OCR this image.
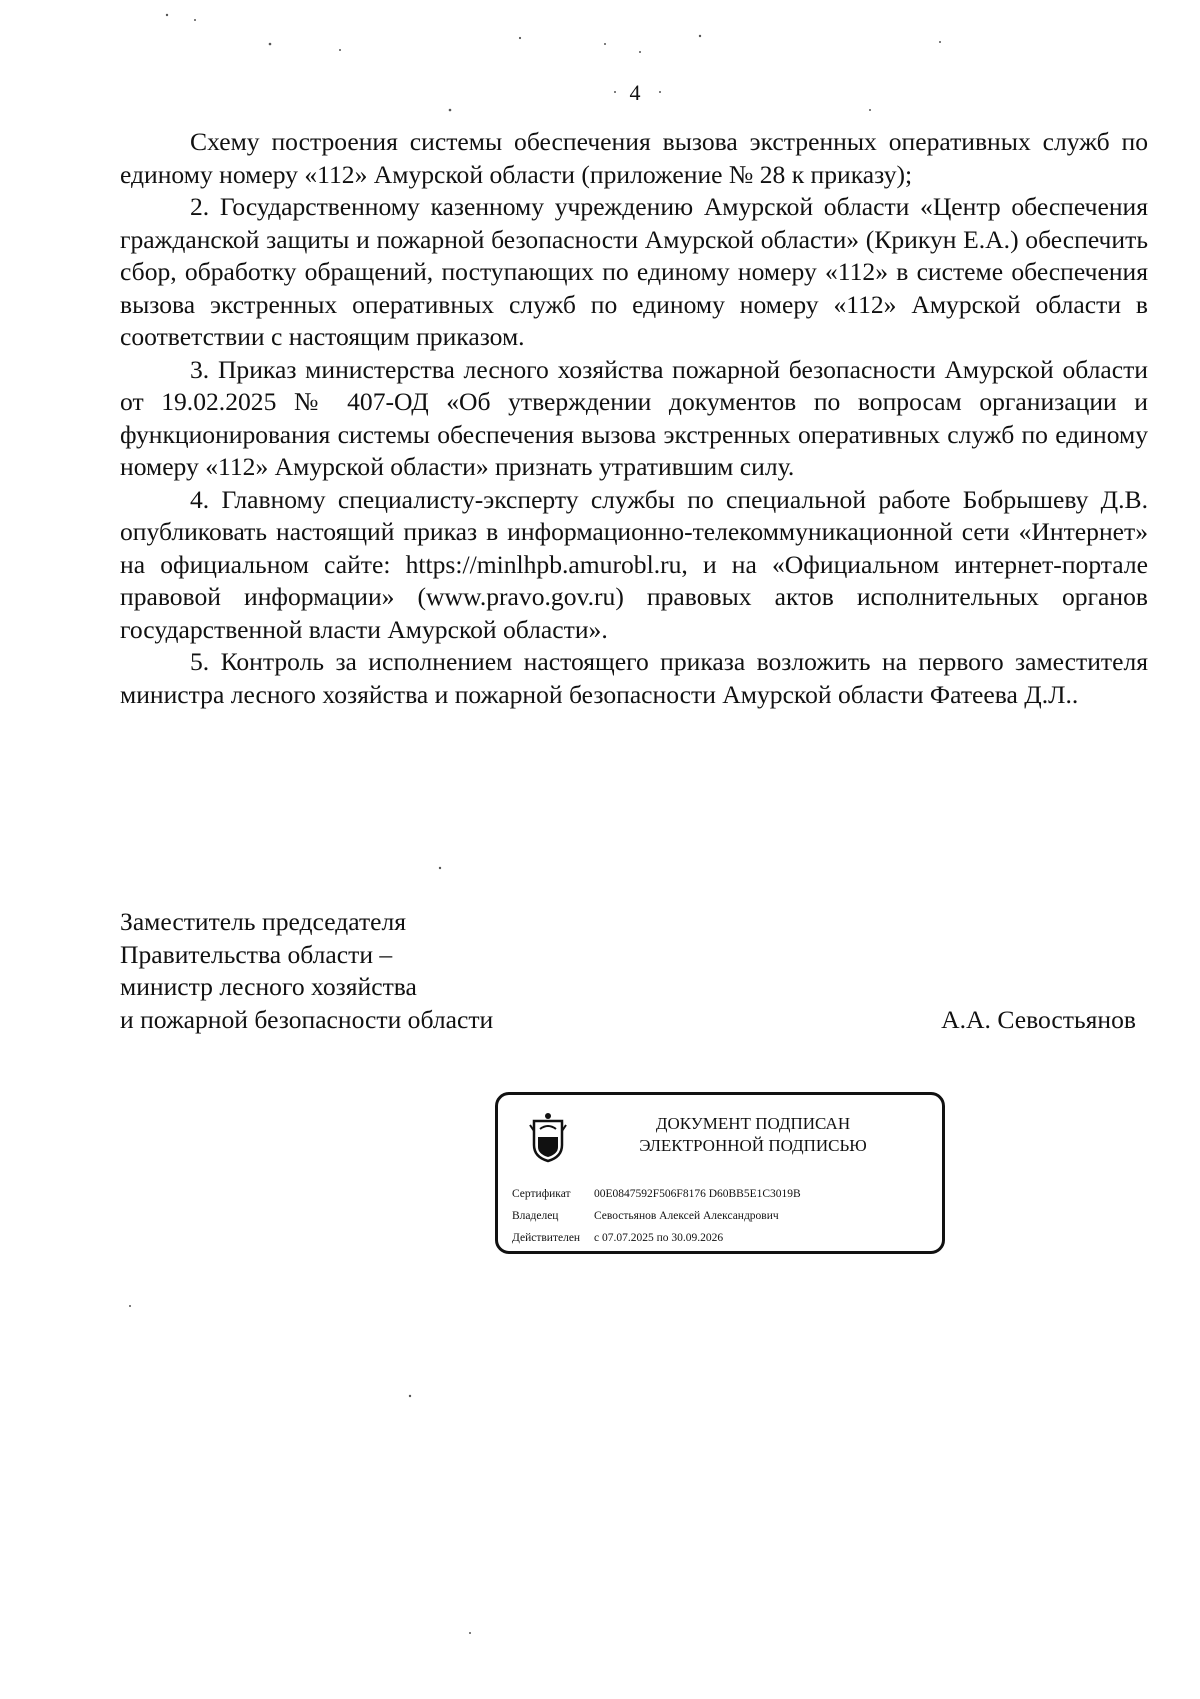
4

Схему построения системы обеспечения вызова экстренных оперативных служб по единому номеру «112» Амурской области (приложение № 28 к приказу);

2. Государственному казенному учреждению Амурской области «Центр обеспечения гражданской защиты и пожарной безопасности Амурской области» (Крикун Е.А.) обеспечить сбор, обработку обращений, поступающих по единому номеру «112» в системе обеспечения вызова экстренных оперативных служб по единому номеру «112» Амурской области в соответствии с настоящим приказом.

3. Приказ министерства лесного хозяйства пожарной безопасности Амурской области от 19.02.2025 № 407-ОД «Об утверждении документов по вопросам организации и функционирования системы обеспечения вызова экстренных оперативных служб по единому номеру «112» Амурской области» признать утратившим силу.

4. Главному специалисту-эксперту службы по специальной работе Бобрышеву Д.В. опубликовать настоящий приказ в информационно-телекоммуникационной сети «Интернет» на официальном сайте: https://minlhpb.amurobl.ru, и на «Официальном интернет-портале правовой информации» (www.pravo.gov.ru) правовых актов исполнительных органов государственной власти Амурской области».

5. Контроль за исполнением настоящего приказа возложить на первого заместителя министра лесного хозяйства и пожарной безопасности Амурской области Фатеева Д.Л..

Заместитель председателя
Правительства области –
министр лесного хозяйства
и пожарной безопасности области	А.А. Севостьянов
ДОКУМЕНТ ПОДПИСАН
ЭЛЕКТРОННОЙ ПОДПИСЬЮ
Сертификат 00E0847592F506F8176 D60BB5E1C3019B
Владелец	Севостьянов Алексей Александрович
Действителен с 07.07.2025 по 30.09.2026
